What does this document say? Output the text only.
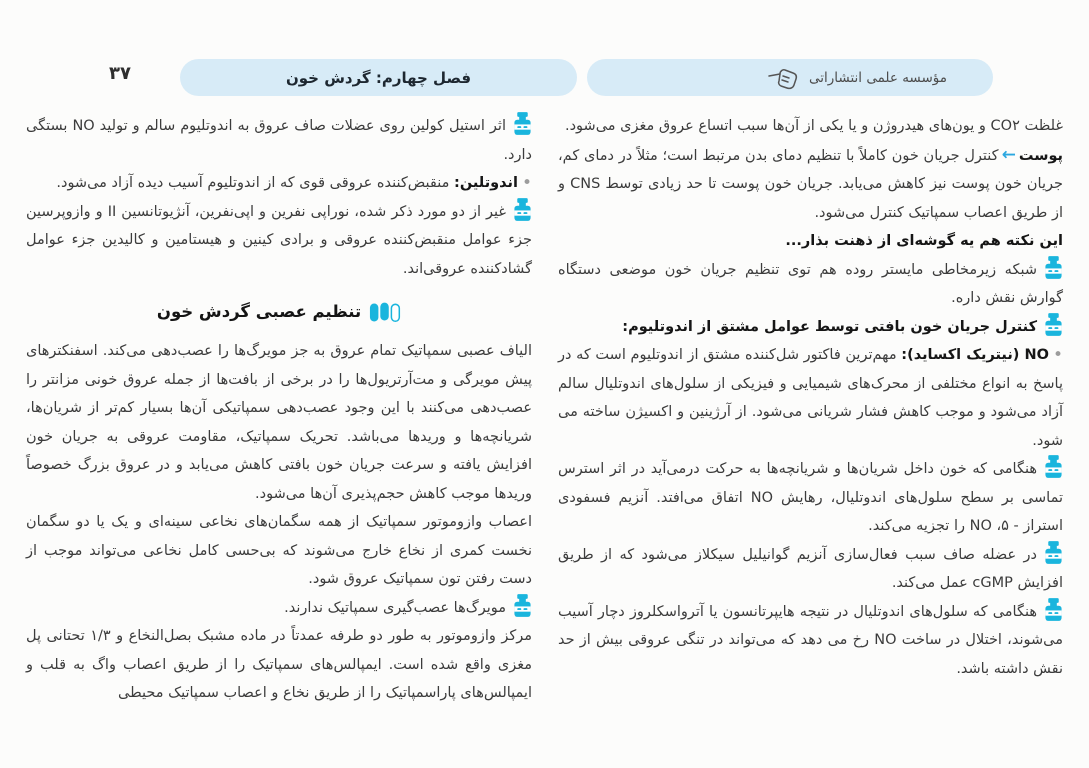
مؤسسه علمی انتشاراتی
فصل چهارم: گردش خون
۳۷

غلظت CO۲ و یون‌های هیدروژن و یا یکی از آن‌ها سبب اتساع عروق مغزی می‌شود.

پوست←کنترل جریان خون کاملاً با تنظیم دمای بدن مرتبط است؛ مثلاً در دمای کم، جریان خون پوست نیز کاهش می‌یابد. جریان خون پوست تا حد زیادی توسط CNS و از طریق اعصاب سمپاتیک کنترل می‌شود.

این نکته هم یه گوشه‌ای از ذهنت بذار...

شبکه زیرمخاطی مایستر روده هم توی تنظیم جریان خون موضعی دستگاه گوارش نقش داره.

کنترل جریان خون بافتی توسط عوامل مشتق از اندوتلیوم:

•NO (نیتریک اکساید): مهم‌ترین فاکتور شل‌کننده مشتق از اندوتلیوم است که در پاسخ به انواع مختلفی از محرک‌های شیمیایی و فیزیکی از سلول‌های اندوتلیال سالم آزاد می‌شود و موجب کاهش فشار شریانی می‌شود. از آرژینین و اکسیژن ساخته می شود.

هنگامی که خون داخل شریان‌ها و شریانچه‌ها به حرکت درمی‌آید در اثر استرس تماسی بر سطح سلول‌های اندوتلیال، رهایش NO اتفاق می‌افتد. آنزیم فسفودی استراز - ۵، NO را تجزیه می‌کند.

در عضله صاف سبب فعال‌سازی آنزیم گوانیلیل سیکلاز می‌شود که از طریق افزایش cGMP عمل می‌کند.

هنگامی که سلول‌های اندوتلیال در نتیجه هایپرتانسون یا آترواسکلروز دچار آسیب می‌شوند، اختلال در ساخت NO رخ می دهد که می‌تواند در تنگی عروقی بیش از حد نقش داشته باشد.

اثر استیل کولین روی عضلات صاف عروق به اندوتلیوم سالم و تولید NO بستگی دارد.

•اندوتلین: منقبض‌کننده عروقی قوی که از اندوتلیوم آسیب دیده آزاد می‌شود.

غیر از دو مورد ذکر شده، نوراپی نفرین و اپی‌نفرین، آنژیوتانسین II و وازوپرسین جزء عوامل منقبض‌کننده عروقی و برادی کینین و هیستامین و کالیدین جزء عوامل گشادکننده عروقی‌اند.

تنظیم عصبی گردش خون

الیاف عصبی سمپاتیک تمام عروق به جز مویرگ‌ها را عصب‌دهی می‌کند. اسفنکترهای پیش مویرگی و مت‌آرتریول‌ها را در برخی از بافت‌ها از جمله عروق خونی مزانتر را عصب‌دهی می‌کنند با این وجود عصب‌دهی سمپاتیکی آن‌ها بسیار کم‌تر از شریان‌ها، شریانچه‌ها و وریدها می‌باشد. تحریک سمپاتیک، مقاومت عروقی به جریان خون افزایش یافته و سرعت جریان خون بافتی کاهش می‌یابد و در عروق بزرگ خصوصاً وریدها موجب کاهش حجم‌پذیری آن‌ها می‌شود.

اعصاب وازوموتور سمپاتیک از همه سگمان‌های نخاعی سینه‌ای و یک یا دو سگمان نخست کمری از نخاع خارج می‌شوند که بی‌حسی کامل نخاعی می‌تواند موجب از دست رفتن تون سمپاتیک عروق شود.

مویرگ‌ها عصب‌گیری سمپاتیک ندارند.

مرکز وازوموتور به طور دو طرفه عمدتاً در ماده مشبک بصل‌النخاع و ۱/۳ تحتانی پل مغزی واقع شده است. ایمپالس‌های سمپاتیک را از طریق اعصاب واگ به قلب و ایمپالس‌های پاراسمپاتیک را از طریق نخاع و اعصاب سمپاتیک محیطی
